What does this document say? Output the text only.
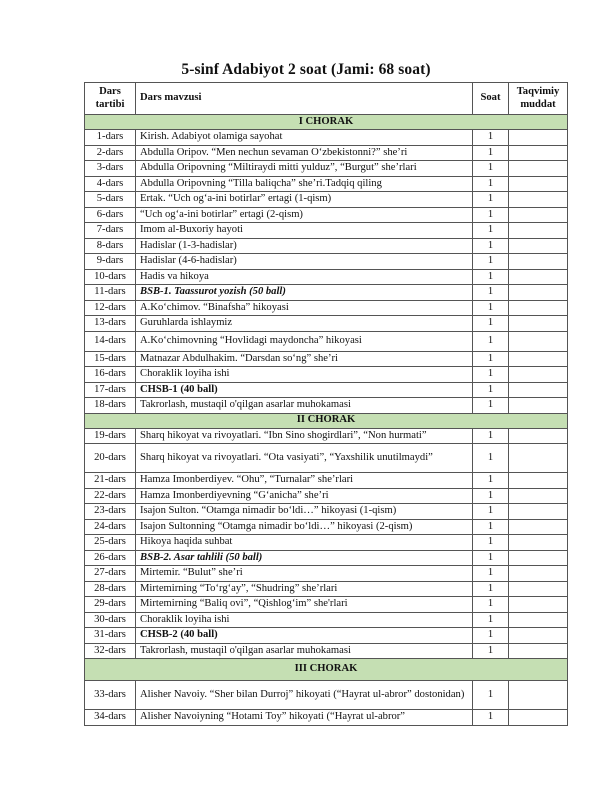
5-sinf Adabiyot 2 soat (Jami: 68 soat)
Dars tartibi	Dars mavzusi	Soat	Taqvimiy muddat
I CHORAK			
1-dars	Kirish. Adabiyot olamiga sayohat	1	
2-dars	Abdulla Oripov. “Men nechun sevaman O‘zbekistonni?” she’ri	1	
3-dars	Abdulla Oripovning “Miltiraydi mitti yulduz”, “Burgut” she’rlari	1	
4-dars	Abdulla Oripovning “Tilla baliqcha” she’ri.Tadqiq qiling	1	
5-dars	Ertak. “Uch og‘a-ini botirlar” ertagi (1-qism)	1	
6-dars	“Uch og‘a-ini botirlar” ertagi (2-qism)	1	
7-dars	Imom al-Buxoriy hayoti	1	
8-dars	Hadislar (1-3-hadislar)	1	
9-dars	Hadislar (4-6-hadislar)	1	
10-dars	Hadis va hikoya	1	
11-dars	BSB-1. Taassurot yozish (50 ball)	1	
12-dars	A.Ko‘chimov. “Binafsha” hikoyasi	1	
13-dars	Guruhlarda ishlaymiz	1	
14-dars	A.Ko‘chimovning “Hovlidagi maydoncha” hikoyasi	1	
15-dars	Matnazar Abdulhakim. “Darsdan so‘ng” she’ri	1	
16-dars	Choraklik loyiha ishi	1	
17-dars	CHSB-1 (40 ball)	1	
18-dars	Takrorlash, mustaqil o'qilgan asarlar muhokamasi	1	
II CHORAK			
19-dars	Sharq hikoyat va rivoyatlari. “Ibn Sino shogirdlari”, “Non hurmati”	1	
20-dars	Sharq hikoyat va rivoyatlari. “Ota vasiyati”, “Yaxshilik unutilmaydi”	1	
21-dars	Hamza Imonberdiyev. “Ohu”, “Turnalar” she’rlari	1	
22-dars	Hamza Imonberdiyevning “G‘anicha” she’ri	1	
23-dars	Isajon Sulton. “Otamga nimadir bo‘ldi…” hikoyasi (1-qism)	1	
24-dars	Isajon Sultonning “Otamga nimadir bo‘ldi…” hikoyasi (2-qism)	1	
25-dars	Hikoya haqida suhbat	1	
26-dars	BSB-2. Asar tahlili (50 ball)	1	
27-dars	Mirtemir. “Bulut” she’ri	1	
28-dars	Mirtemirning “To‘rg‘ay”, “Shudring” she’rlari	1	
29-dars	Mirtemirning “Baliq ovi”, “Qishlog‘im” she'rlari	1	
30-dars	Choraklik loyiha ishi	1	
31-dars	CHSB-2 (40 ball)	1	
32-dars	Takrorlash, mustaqil o'qilgan asarlar muhokamasi	1	
III CHORAK			
33-dars	Alisher Navoiy. “Sher bilan Durroj” hikoyati (“Hayrat ul-abror” dostonidan)	1	
34-dars	Alisher Navoiyning “Hotami Toy” hikoyati (“Hayrat ul-abror”	1	
